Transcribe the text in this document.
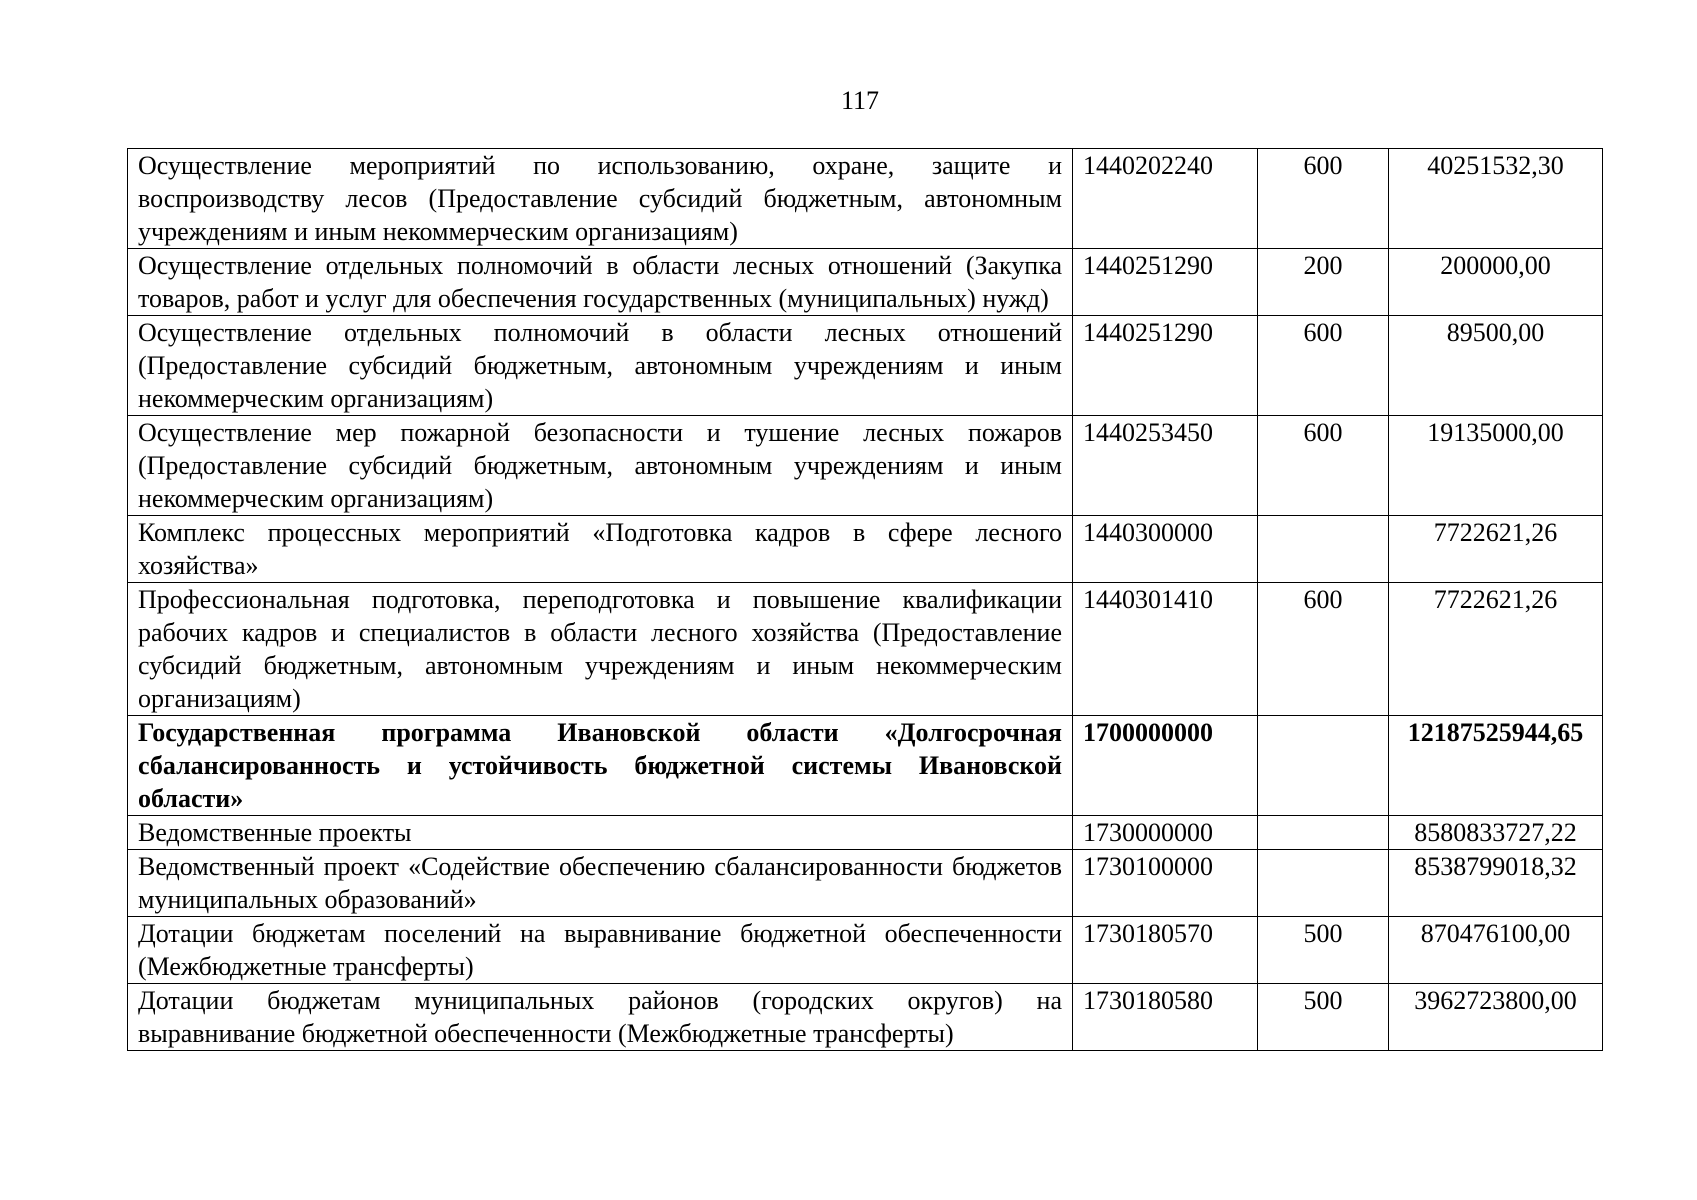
117
Осуществление мероприятий по использованию, охране, защите и воспроизводству лесов (Предоставление субсидий бюджетным, автономным учреждениям и иным некоммерческим организациям)	1440202240	600	40251532,30
Осуществление отдельных полномочий в области лесных отношений (Закупка товаров, работ и услуг для обеспечения государственных (муниципальных) нужд)	1440251290	200	200000,00
Осуществление отдельных полномочий в области лесных отношений (Предоставление субсидий бюджетным, автономным учреждениям и иным некоммерческим организациям)	1440251290	600	89500,00
Осуществление мер пожарной безопасности и тушение лесных пожаров (Предоставление субсидий бюджетным, автономным учреждениям и иным некоммерческим организациям)	1440253450	600	19135000,00
Комплекс процессных мероприятий «Подготовка кадров в сфере лесного хозяйства»	1440300000		7722621,26
Профессиональная подготовка, переподготовка и повышение квалификации рабочих кадров и специалистов в области лесного хозяйства (Предоставление субсидий бюджетным, автономным учреждениям и иным некоммерческим организациям)	1440301410	600	7722621,26
Государственная программа Ивановской области «Долгосрочная сбалансированность и устойчивость бюджетной системы Ивановской области»	1700000000		12187525944,65
Ведомственные проекты	1730000000		8580833727,22
Ведомственный проект «Содействие обеспечению сбалансированности бюджетов муниципальных образований»	1730100000		8538799018,32
Дотации бюджетам поселений на выравнивание бюджетной обеспеченности (Межбюджетные трансферты)	1730180570	500	870476100,00
Дотации бюджетам муниципальных районов (городских округов) на выравнивание бюджетной обеспеченности (Межбюджетные трансферты)	1730180580	500	3962723800,00
